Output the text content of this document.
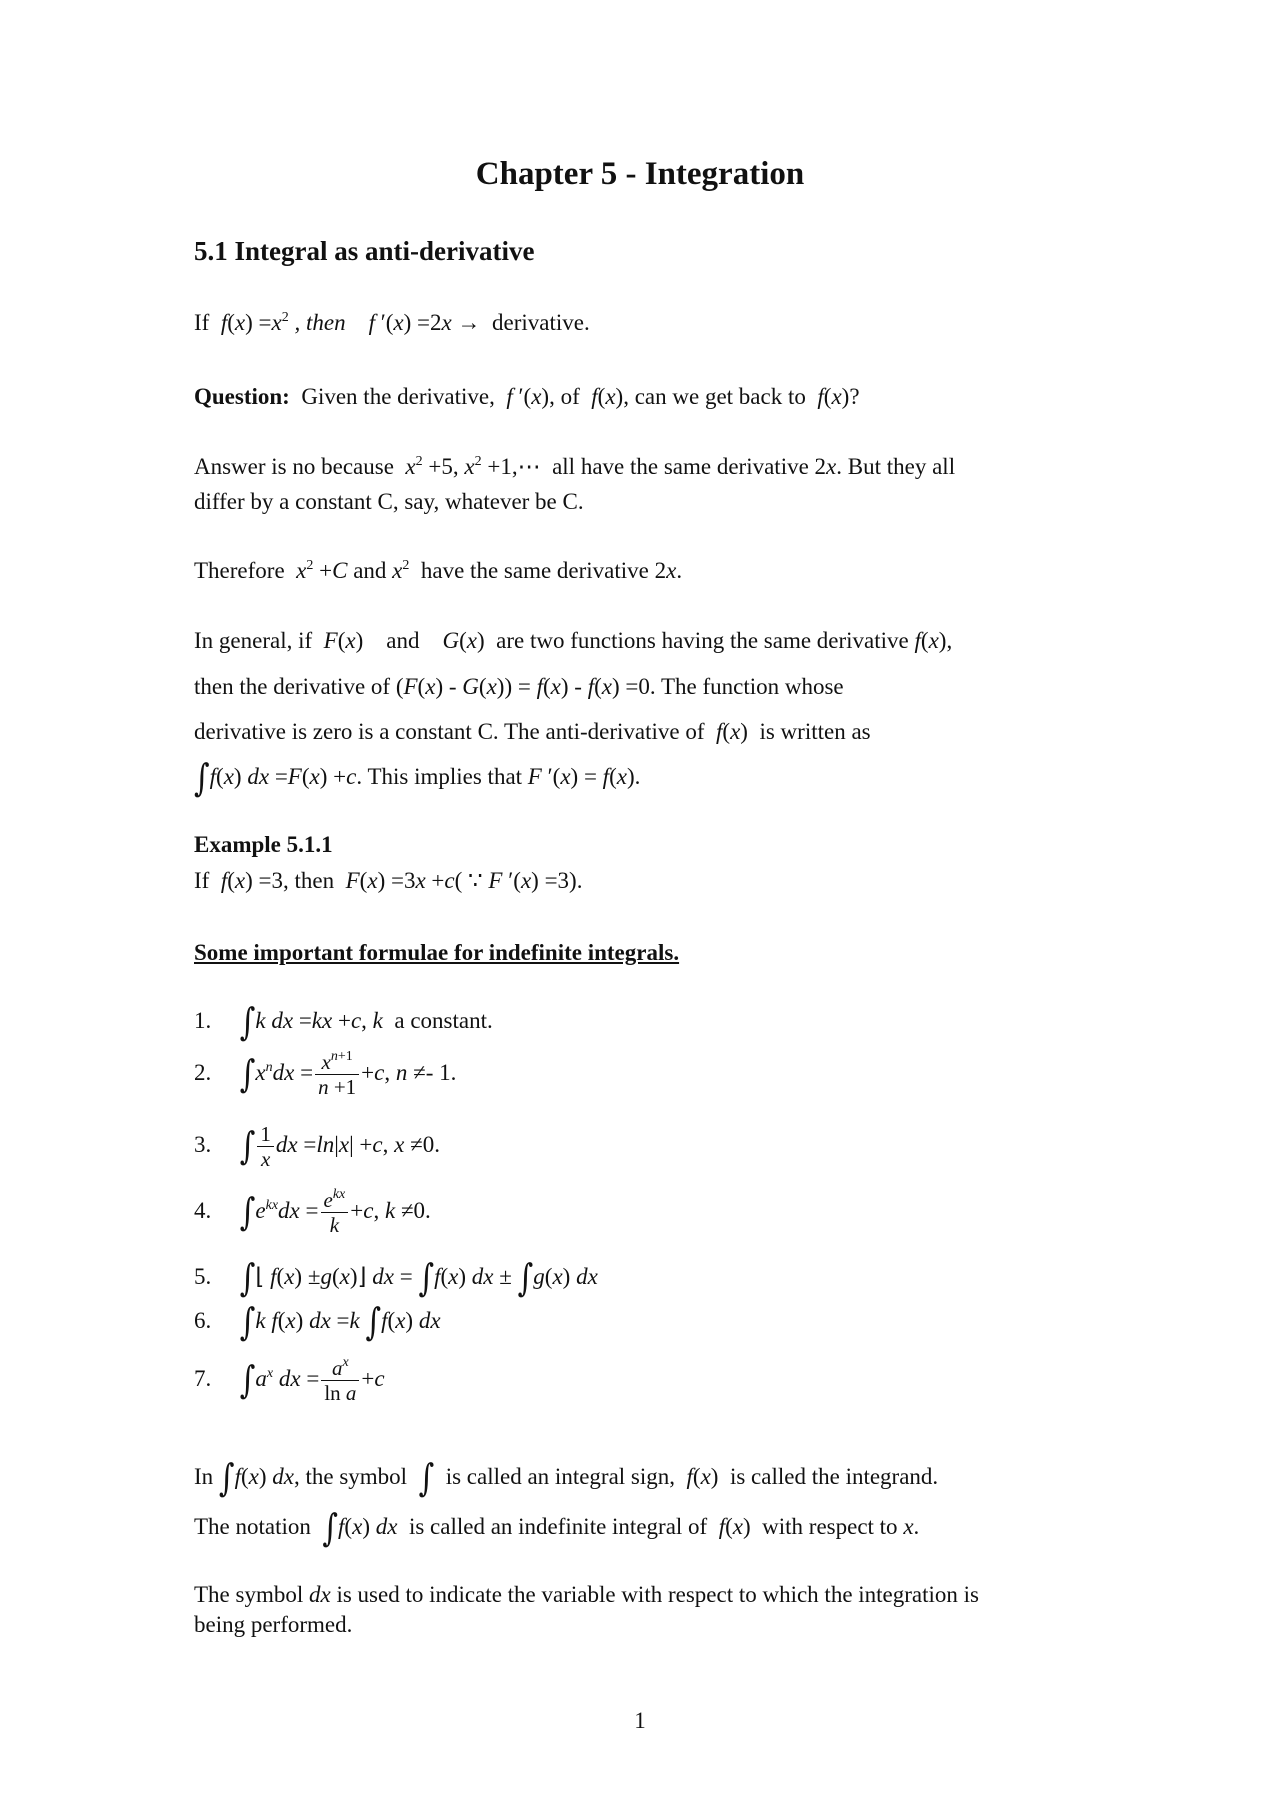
Chapter 5 - Integration
5.1 Integral as anti-derivative
If $f(x) =x^2$ , then f ′(x) =2x → derivative.
Question: Given the derivative, f ′(x), of f(x), can we get back to f(x)?
Answer is no because $x^2 +5$, $x^2$ +1,⋯ all have the same derivative 2x. But they all
differ by a constant C, say, whatever be C.
Therefore $x^2 +C$ and $x^2$ have the same derivative 2x.
In general, if F(x) and G(x) are two functions having the same derivative f(x),
then the derivative of (F(x) - G(x)) = f(x) - f(x) =0. The function whose
derivative is zero is a constant C. The anti-derivative of f(x) is written as
∫f(x) dx =F(x) +c. This implies that F ′(x) = f(x).
Example 5.1.1
If f(x) =3, then F(x) =3x +c( ∵ F ′(x) =3).
Some important formulae for indefinite integrals.
1. ∫k dx =kx +c, k a constant.
2. $\int x^ndx = \frac{x^{n+1}}{n +1} +c$, n ≠- 1.
3. ∫ $\frac{1}{x}$ dx =ln|x| +c, x ≠0.
4. $\int e^{kx}dx = \frac{e^{kx}}{k} +c$, k ≠0.
5. ∫⌊ f(x) ±g(x)⌋ dx = ∫f(x) dx ± ∫g(x) dx
6. ∫k f(x) dx =k ∫f(x) dx
7. $\int a^x$ dx = $\frac{a^x}{\text{ln a}} +c$
In ∫f(x) dx, the symbol ∫ is called an integral sign, f(x) is called the integrand.
The notation ∫f(x) dx is called an indefinite integral of f(x) with respect to x.
The symbol dx is used to indicate the variable with respect to which the integration is
being performed.
1
